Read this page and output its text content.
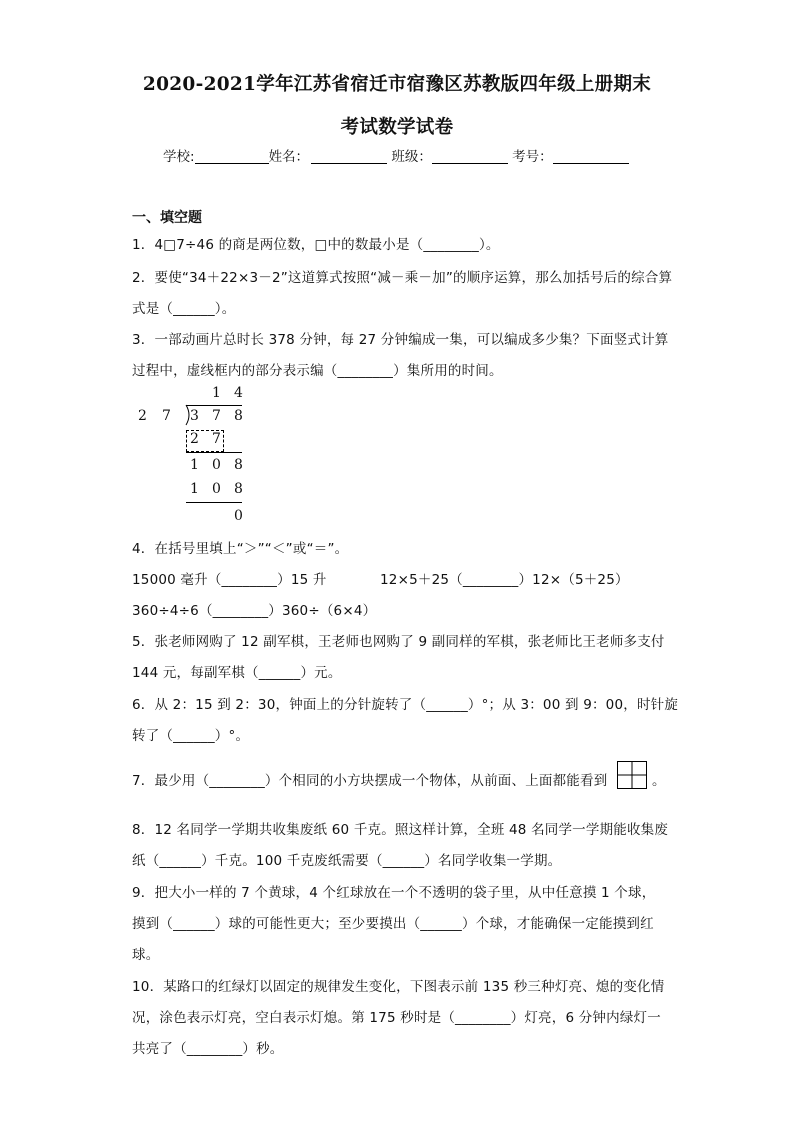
2020-2021学年江苏省宿迁市宿豫区苏教版四年级上册期末
考试数学试卷
学校:	姓名：	班级：	考号：
一、填空题
1．4□7÷46 的商是两位数，□中的数最小是（________）。
2．要使“34＋22×3－2”这道算式按照“减－乘－加”的顺序运算，那么加括号后的综合算
式是（______）。
3．一部动画片总时长 378 分钟，每 27 分钟编成一集，可以编成多少集？下面竖式计算
过程中，虚线框内的部分表示编（________）集所用的时间。
1 4
2 7 3 7 8
2 7
1 0 8
1 0 8
0
4．在括号里填上“＞”“＜”或“＝”。
15000 毫升（________）15 升	12×5＋25（________）12×（5＋25）
360÷4÷6（________）360÷（6×4）
5．张老师网购了 12 副军棋，王老师也网购了 9 副同样的军棋，张老师比王老师多支付
144 元，每副军棋（______）元。
6．从 2：15 到 2：30，钟面上的分针旋转了（______）°；从 3：00 到 9：00，时针旋
转了（______）°。
7．最少用（________）个相同的小方块摆成一个物体，从前面、上面都能看到	。
8．12 名同学一学期共收集废纸 60 千克。照这样计算，全班 48 名同学一学期能收集废
纸（______）千克。100 千克废纸需要（______）名同学收集一学期。
9．把大小一样的 7 个黄球，4 个红球放在一个不透明的袋子里，从中任意摸 1 个球，
摸到（______）球的可能性更大；至少要摸出（______）个球，才能确保一定能摸到红
球。
10．某路口的红绿灯以固定的规律发生变化，下图表示前 135 秒三种灯亮、熄的变化情
况，涂色表示灯亮，空白表示灯熄。第 175 秒时是（________）灯亮，6 分钟内绿灯一
共亮了（________）秒。
